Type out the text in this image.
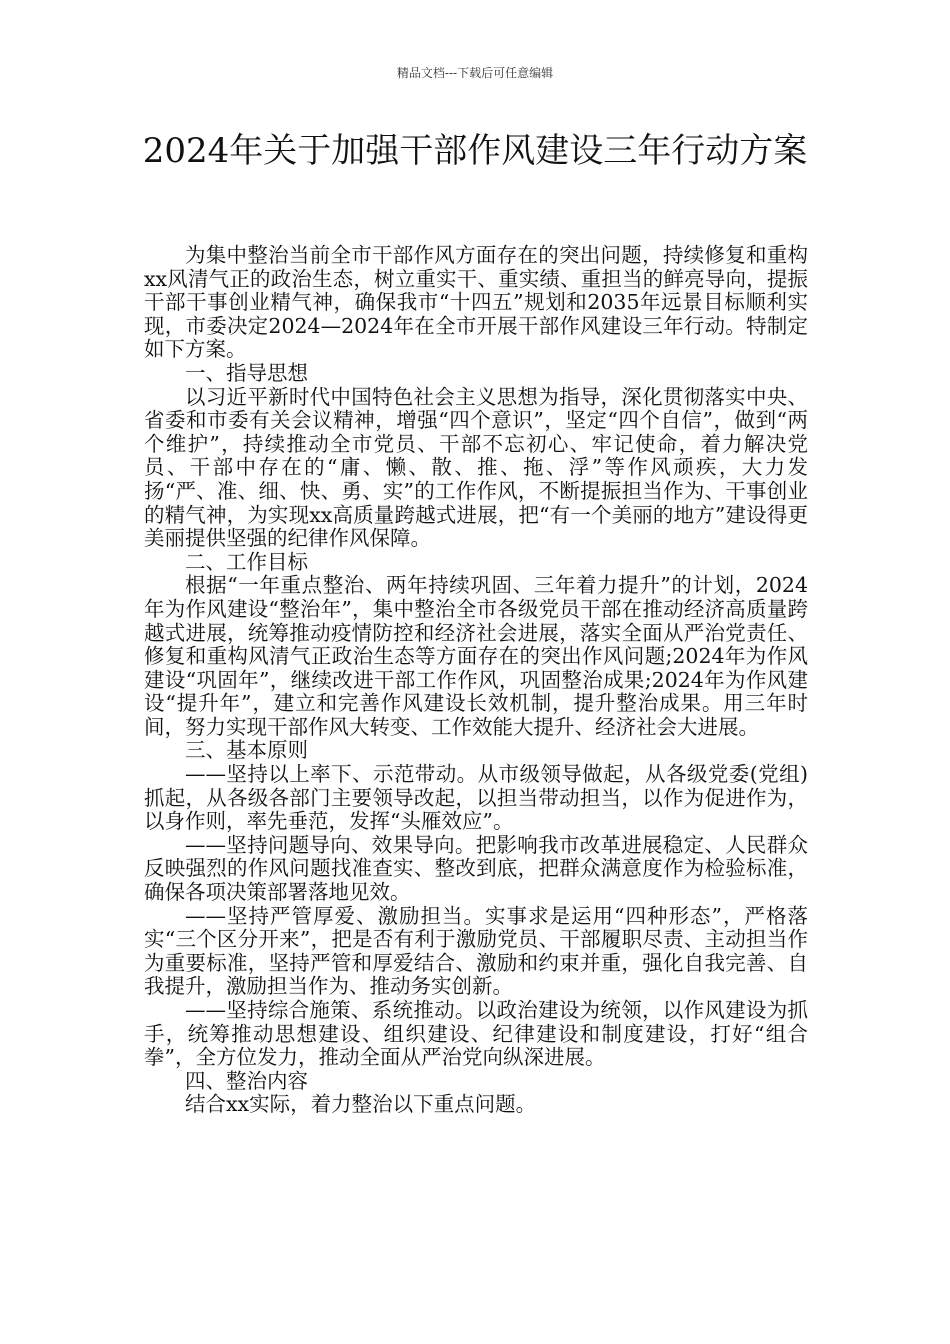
精品文档---下载后可任意编辑
2024年关于加强干部作风建设三年行动方案

为集中整治当前全市干部作风方面存在的突出问题，持续修复和重构xx风清气正的政治生态，树立重实干、重实绩、重担当的鲜亮导向，提振干部干事创业精气神，确保我市“十四五”规划和2035年远景目标顺利实现，市委决定2024—2024年在全市开展干部作风建设三年行动。特制定如下方案。

一、指导思想

以习近平新时代中国特色社会主义思想为指导，深化贯彻落实中央、省委和市委有关会议精神，增强“四个意识”，坚定“四个自信”，做到“两个维护”，持续推动全市党员、干部不忘初心、牢记使命，着力解决党员、干部中存在的“庸、懒、散、推、拖、浮”等作风顽疾，大力发扬“严、准、细、快、勇、实”的工作作风，不断提振担当作为、干事创业的精气神，为实现xx高质量跨越式进展，把“有一个美丽的地方”建设得更美丽提供坚强的纪律作风保障。

二、工作目标

根据“一年重点整治、两年持续巩固、三年着力提升”的计划，2024年为作风建设“整治年”，集中整治全市各级党员干部在推动经济高质量跨越式进展，统筹推动疫情防控和经济社会进展，落实全面从严治党责任、修复和重构风清气正政治生态等方面存在的突出作风问题;2024年为作风建设“巩固年”，继续改进干部工作作风，巩固整治成果;2024年为作风建设“提升年”，建立和完善作风建设长效机制，提升整治成果。用三年时间，努力实现干部作风大转变、工作效能大提升、经济社会大进展。

三、基本原则

——坚持以上率下、示范带动。从市级领导做起，从各级党委(党组)抓起，从各级各部门主要领导改起，以担当带动担当，以作为促进作为，以身作则，率先垂范，发挥“头雁效应”。

——坚持问题导向、效果导向。把影响我市改革进展稳定、人民群众反映强烈的作风问题找准查实、整改到底，把群众满意度作为检验标准，确保各项决策部署落地见效。

——坚持严管厚爱、激励担当。实事求是运用“四种形态”，严格落实“三个区分开来”，把是否有利于激励党员、干部履职尽责、主动担当作为重要标准，坚持严管和厚爱结合、激励和约束并重，强化自我完善、自我提升，激励担当作为、推动务实创新。

——坚持综合施策、系统推动。以政治建设为统领，以作风建设为抓手，统筹推动思想建设、组织建设、纪律建设和制度建设，打好“组合拳”，全方位发力，推动全面从严治党向纵深进展。

四、整治内容

结合xx实际，着力整治以下重点问题。
